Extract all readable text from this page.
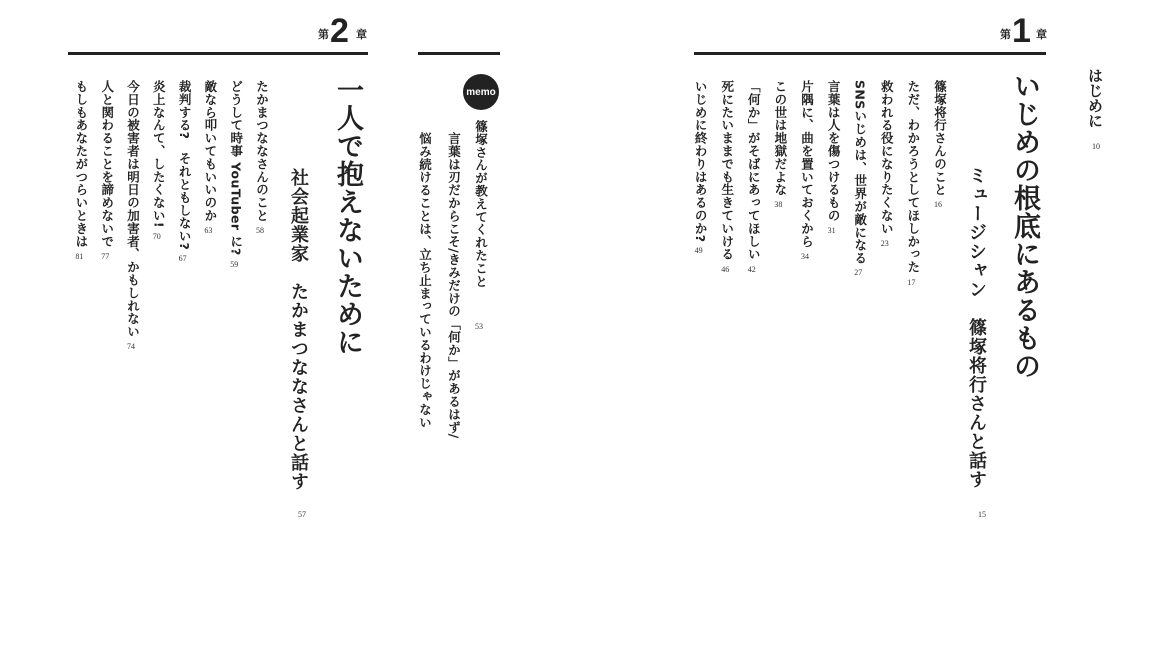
はじめに
10
第 1 章
いじめの根底にあるもの
ミュージシャン　篠塚将行さんと話す
15
篠塚将行さんのこと
16
ただ、わかろうとしてほしかった
17
救われる役になりたくない
23
SNSいじめは、世界が敵になる
27
言葉は人を傷つけるもの
31
片隅に、曲を置いておくから
34
この世は地獄だよな
38
「何か」がそばにあってほしい
42
死にたいままでも生きていける
46
いじめに終わりはあるのか?
49
memo
篠塚さんが教えてくれたこと
53
言葉は刃だからこそ/きみだけの「何か」があるはず/
悩み続けることは、立ち止まっているわけじゃない
第 2 章
一人で抱えないために
社会起業家　たかまつななさんと話す
57
たかまつななさんのこと
58
どうして時事 YouTuber に?
59
敵なら叩いてもいいのか
63
裁判する?　それともしない?
67
炎上なんて、したくない!
70
今日の被害者は明日の加害者、かもしれない
74
人と関わることを諦めないで
77
もしもあなたがつらいときは
81
